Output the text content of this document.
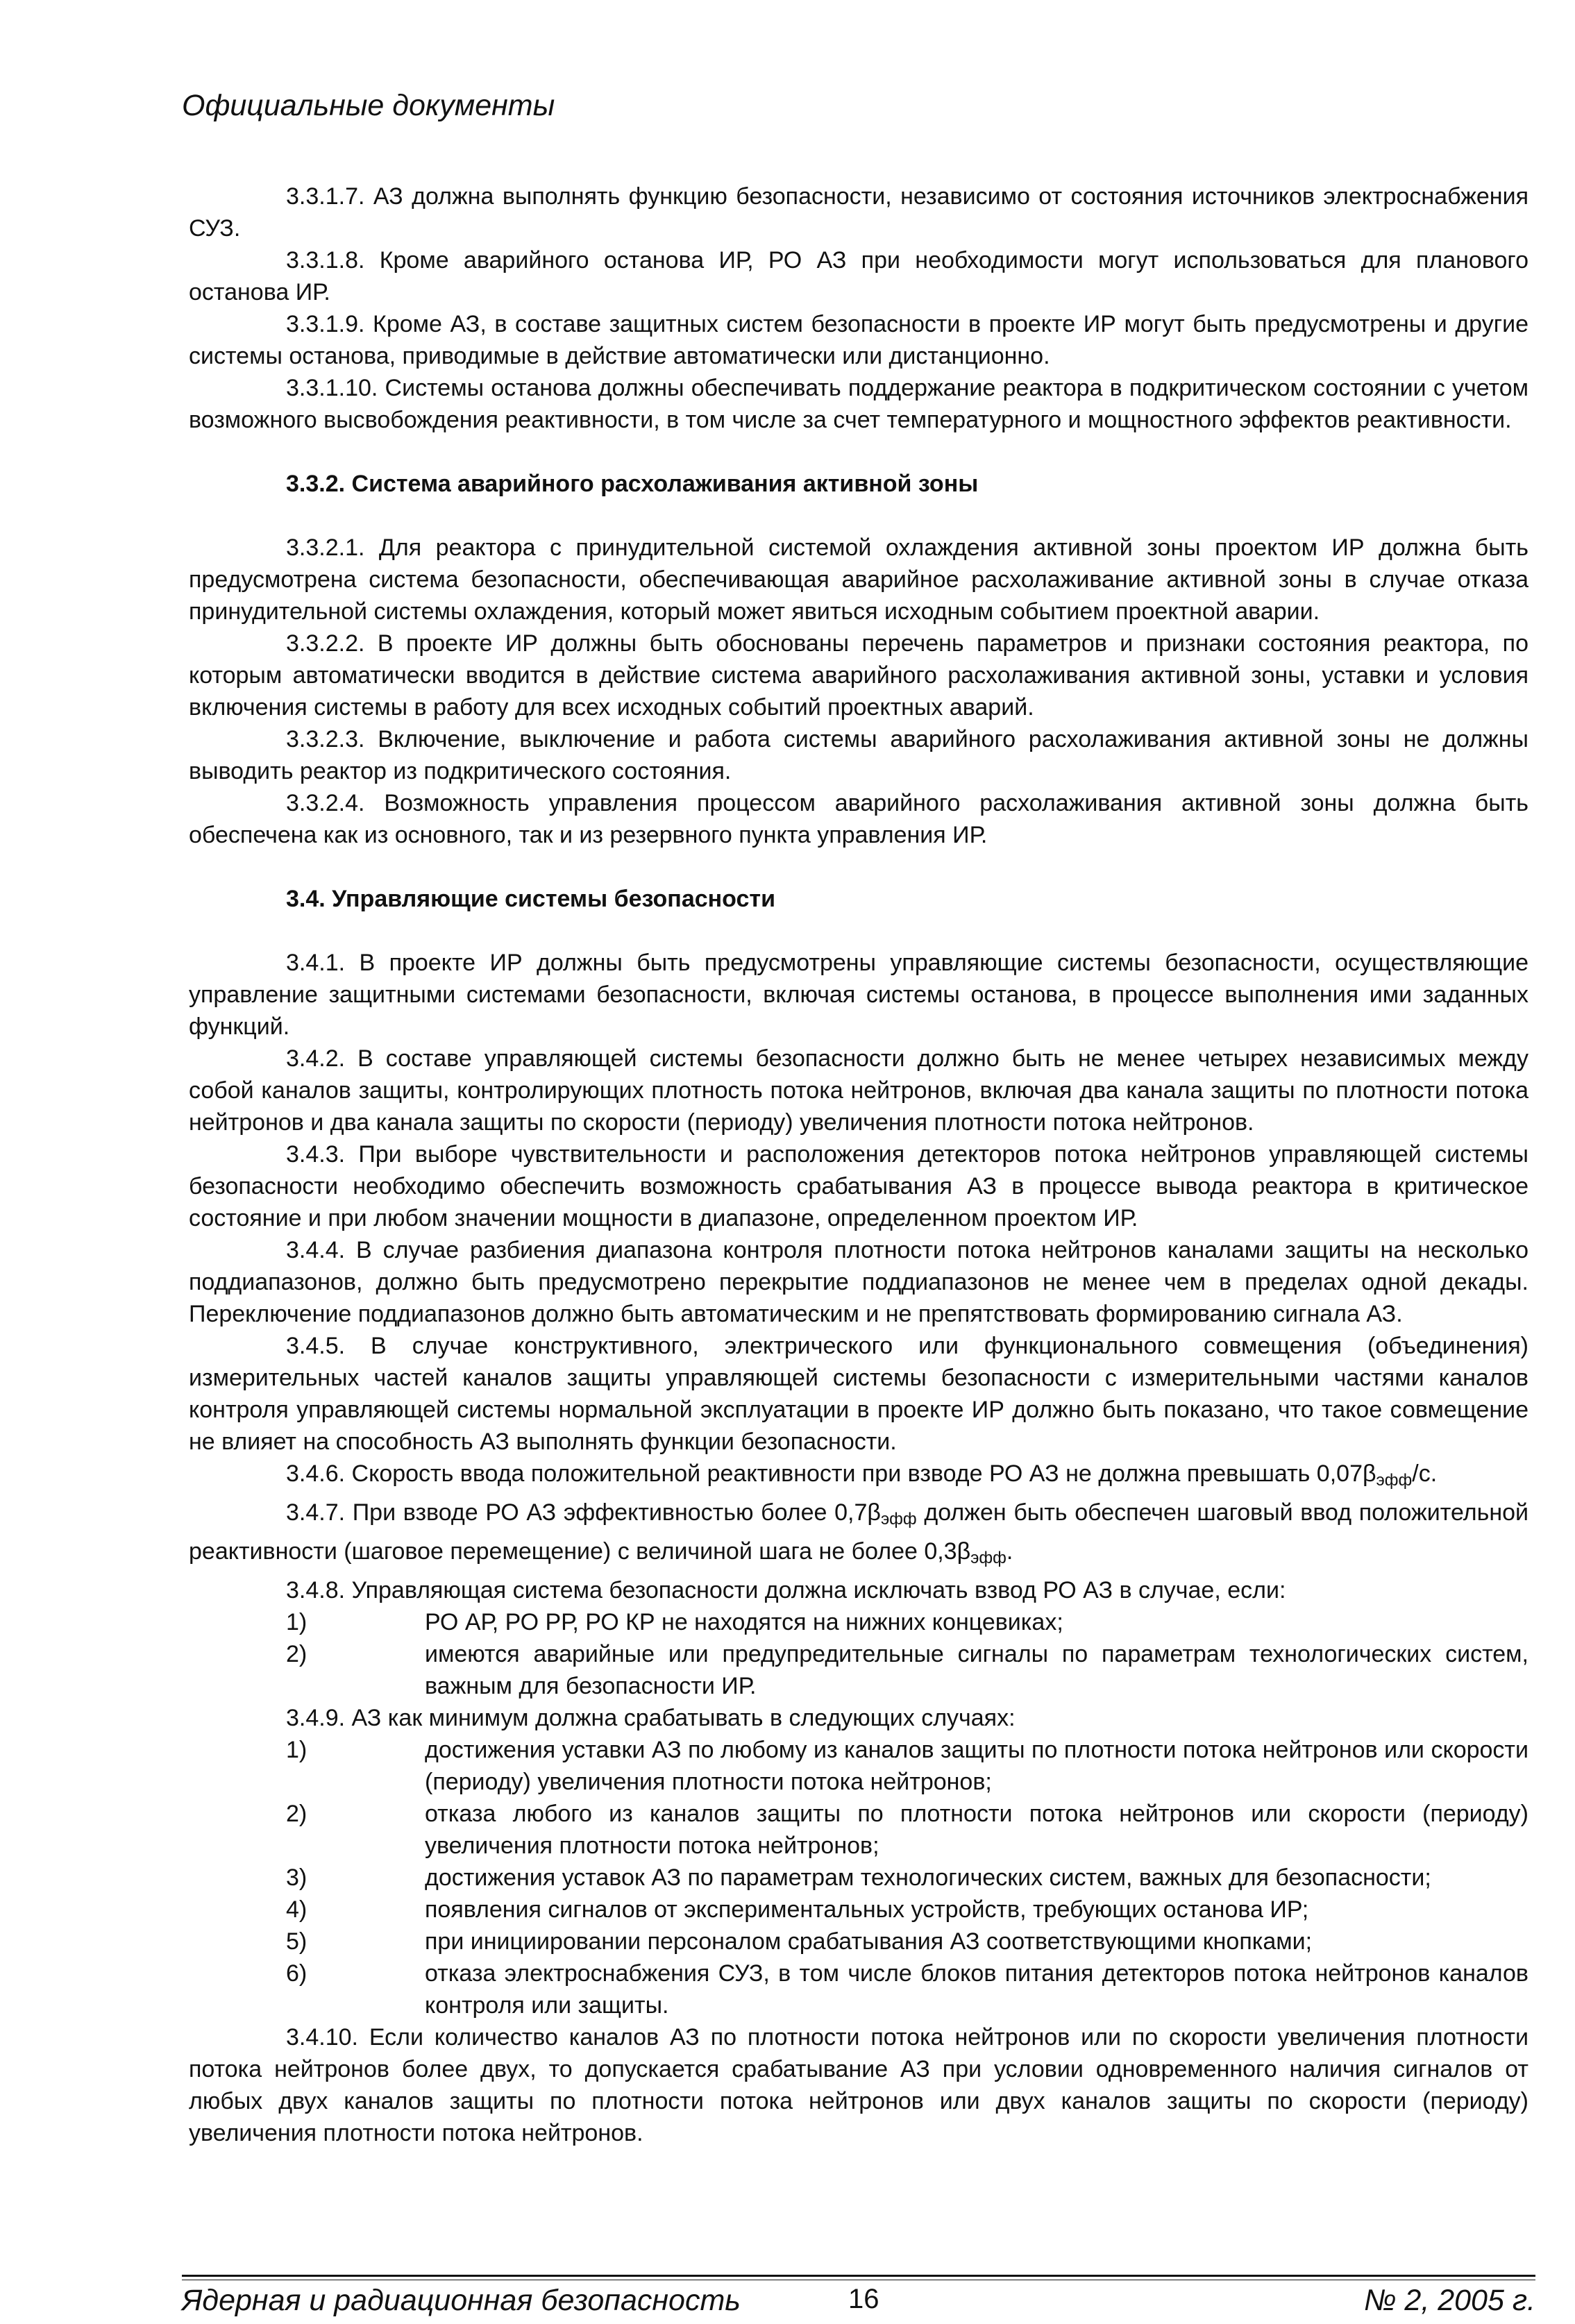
Официальные документы

3.3.1.7. АЗ должна выполнять функцию безопасности, независимо от состояния источников электроснабжения СУЗ.

3.3.1.8. Кроме аварийного останова ИР, РО АЗ при необходимости могут использоваться для планового останова ИР.

3.3.1.9. Кроме АЗ, в составе защитных систем безопасности в проекте ИР могут быть предусмотрены и другие системы останова, приводимые в действие автоматически или дистанционно.

3.3.1.10. Системы останова должны обеспечивать поддержание реактора в подкритическом состоянии с учетом возможного высвобождения реактивности, в том числе за счет температурного и мощностного эффектов реактивности.

3.3.2. Система аварийного расхолаживания активной зоны

3.3.2.1. Для реактора с принудительной системой охлаждения активной зоны проектом ИР должна быть предусмотрена система безопасности, обеспечивающая аварийное расхолаживание активной зоны в случае отказа принудительной системы охлаждения, который может явиться исходным событием проектной аварии.

3.3.2.2. В проекте ИР должны быть обоснованы перечень параметров и признаки состояния реактора, по которым автоматически вводится в действие система аварийного расхолаживания активной зоны, уставки и условия включения системы в работу для всех исходных событий проектных аварий.

3.3.2.3. Включение, выключение и работа системы аварийного расхолаживания активной зоны не должны выводить реактор из подкритического состояния.

3.3.2.4. Возможность управления процессом аварийного расхолаживания активной зоны должна быть обеспечена как из основного, так и из резервного пункта управления ИР.

3.4. Управляющие системы безопасности

3.4.1. В проекте ИР должны быть предусмотрены управляющие системы безопасности, осуществляющие управление защитными системами безопасности, включая системы останова, в процессе выполнения ими заданных функций.

3.4.2. В составе управляющей системы безопасности должно быть не менее четырех независимых между собой каналов защиты, контролирующих плотность потока нейтронов, включая два канала защиты по плотности потока нейтронов и два канала защиты по скорости (периоду) увеличения плотности потока нейтронов.

3.4.3. При выборе чувствительности и расположения детекторов потока нейтронов управляющей системы безопасности необходимо обеспечить возможность срабатывания АЗ в процессе вывода реактора в критическое состояние и при любом значении мощности в диапазоне, определенном проектом ИР.

3.4.4. В случае разбиения диапазона контроля плотности потока нейтронов каналами защиты на несколько поддиапазонов, должно быть предусмотрено перекрытие поддиапазонов не менее чем в пределах одной декады. Переключение поддиапазонов должно быть автоматическим и не препятствовать формированию сигнала АЗ.

3.4.5. В случае конструктивного, электрического или функционального совмещения (объединения) измерительных частей каналов защиты управляющей системы безопасности с измерительными частями каналов контроля управляющей системы нормальной эксплуатации в проекте ИР должно быть показано, что такое совмещение не влияет на способность АЗ выполнять функции безопасности.

3.4.6. Скорость ввода положительной реактивности при взводе РО АЗ не должна превышать $0,07\beta_{эфф}/с$.

3.4.7. При взводе РО АЗ эффективностью более $0,7\beta_{эфф}$ должен быть обеспечен шаговый ввод положительной реактивности (шаговое перемещение) с величиной шага не более $0,3\beta_{эфф}$.

3.4.8. Управляющая система безопасности должна исключать взвод РО АЗ в случае, если:

1)	РО АР, РО РР, РО КР не находятся на нижних концевиках;
2)	имеются аварийные или предупредительные сигналы по параметрам технологических систем, важным для безопасности ИР.

3.4.9. АЗ как минимум должна срабатывать в следующих случаях:

1)	достижения уставки АЗ по любому из каналов защиты по плотности потока нейтронов или скорости (периоду) увеличения плотности потока нейтронов;
2)	отказа любого из каналов защиты по плотности потока нейтронов или скорости (периоду) увеличения плотности потока нейтронов;
3)	достижения уставок АЗ по параметрам технологических систем, важных для безопасности;
4)	появления сигналов от экспериментальных устройств, требующих останова ИР;
5)	при инициировании персоналом срабатывания АЗ соответствующими кнопками;
6)	отказа электроснабжения СУЗ, в том числе блоков питания детекторов потока нейтронов каналов контроля или защиты.

3.4.10. Если количество каналов АЗ по плотности потока нейтронов или по скорости увеличения плотности потока нейтронов более двух, то допускается срабатывание АЗ при условии одновременного наличия сигналов от любых двух каналов защиты по плотности потока нейтронов или двух каналов защиты по скорости (периоду) увеличения плотности потока нейтронов.

Ядерная и радиационная безопасность	16	№ 2, 2005 г.
